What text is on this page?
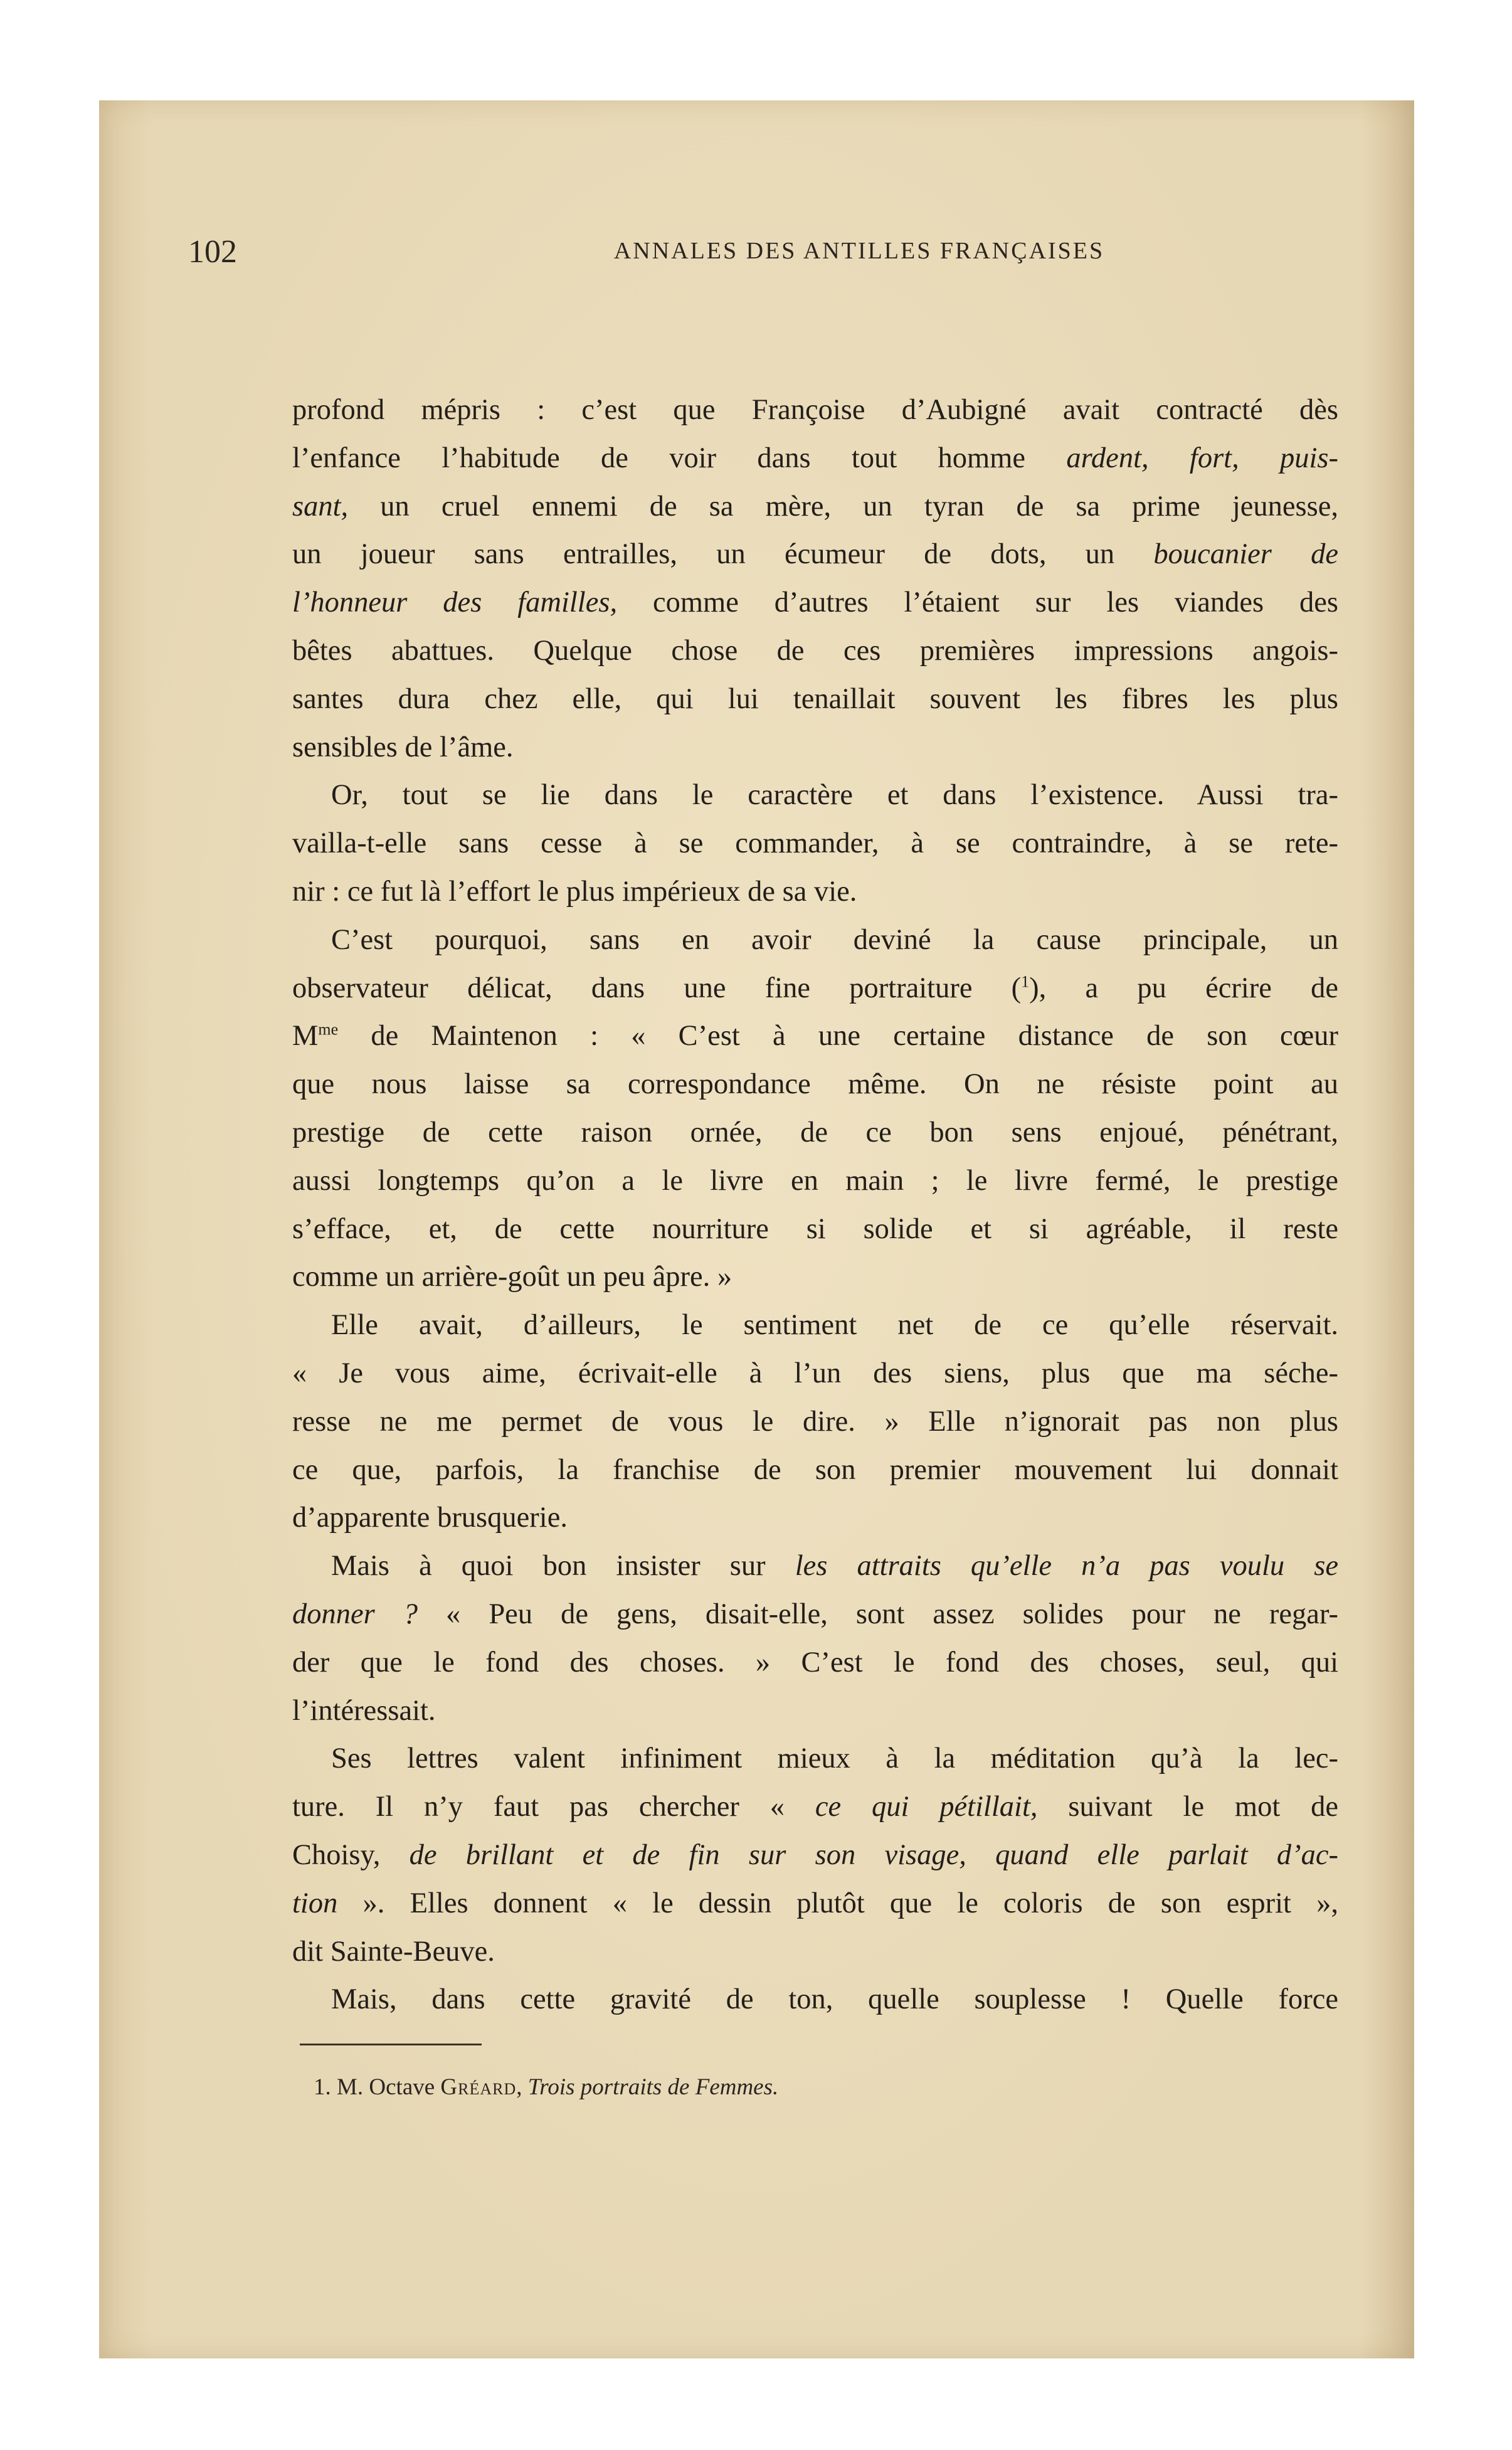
102	ANNALES DES ANTILLES FRANÇAISES

profond mépris : c’est que Françoise d’Aubigné avait contracté dès

l’enfance l’habitude de voir dans tout homme ardent, fort, puis-

sant, un cruel ennemi de sa mère, un tyran de sa prime jeunesse,

un joueur sans entrailles, un écumeur de dots, un boucanier de

l’honneur des familles, comme d’autres l’étaient sur les viandes des

bêtes abattues. Quelque chose de ces premières impressions angois-

santes dura chez elle, qui lui tenaillait souvent les fibres les plus

sensibles de l’âme.

Or, tout se lie dans le caractère et dans l’existence. Aussi tra-

vailla-t-elle sans cesse à se commander, à se contraindre, à se rete-

nir : ce fut là l’effort le plus impérieux de sa vie.

C’est pourquoi, sans en avoir deviné la cause principale, un

observateur délicat, dans une fine portraiture ($^1$), a pu écrire de

$M^{me}$ de Maintenon : « C’est à une certaine distance de son cœur

que nous laisse sa correspondance même. On ne résiste point au

prestige de cette raison ornée, de ce bon sens enjoué, pénétrant,

aussi longtemps qu’on a le livre en main ; le livre fermé, le prestige

s’efface, et, de cette nourriture si solide et si agréable, il reste

comme un arrière-goût un peu âpre. »

Elle avait, d’ailleurs, le sentiment net de ce qu’elle réservait.

« Je vous aime, écrivait-elle à l’un des siens, plus que ma séche-

resse ne me permet de vous le dire. » Elle n’ignorait pas non plus

ce que, parfois, la franchise de son premier mouvement lui donnait

d’apparente brusquerie.

Mais à quoi bon insister sur les attraits qu’elle n’a pas voulu se

donner ? « Peu de gens, disait-elle, sont assez solides pour ne regar-

der que le fond des choses. » C’est le fond des choses, seul, qui

l’intéressait.

Ses lettres valent infiniment mieux à la méditation qu’à la lec-

ture. Il n’y faut pas chercher « ce qui pétillait, suivant le mot de

Choisy, de brillant et de fin sur son visage, quand elle parlait d’ac-

tion ». Elles donnent « le dessin plutôt que le coloris de son esprit »,

dit Sainte-Beuve.

Mais, dans cette gravité de ton, quelle souplesse ! Quelle force

1. M. Octave Gréard, Trois portraits de Femmes.
